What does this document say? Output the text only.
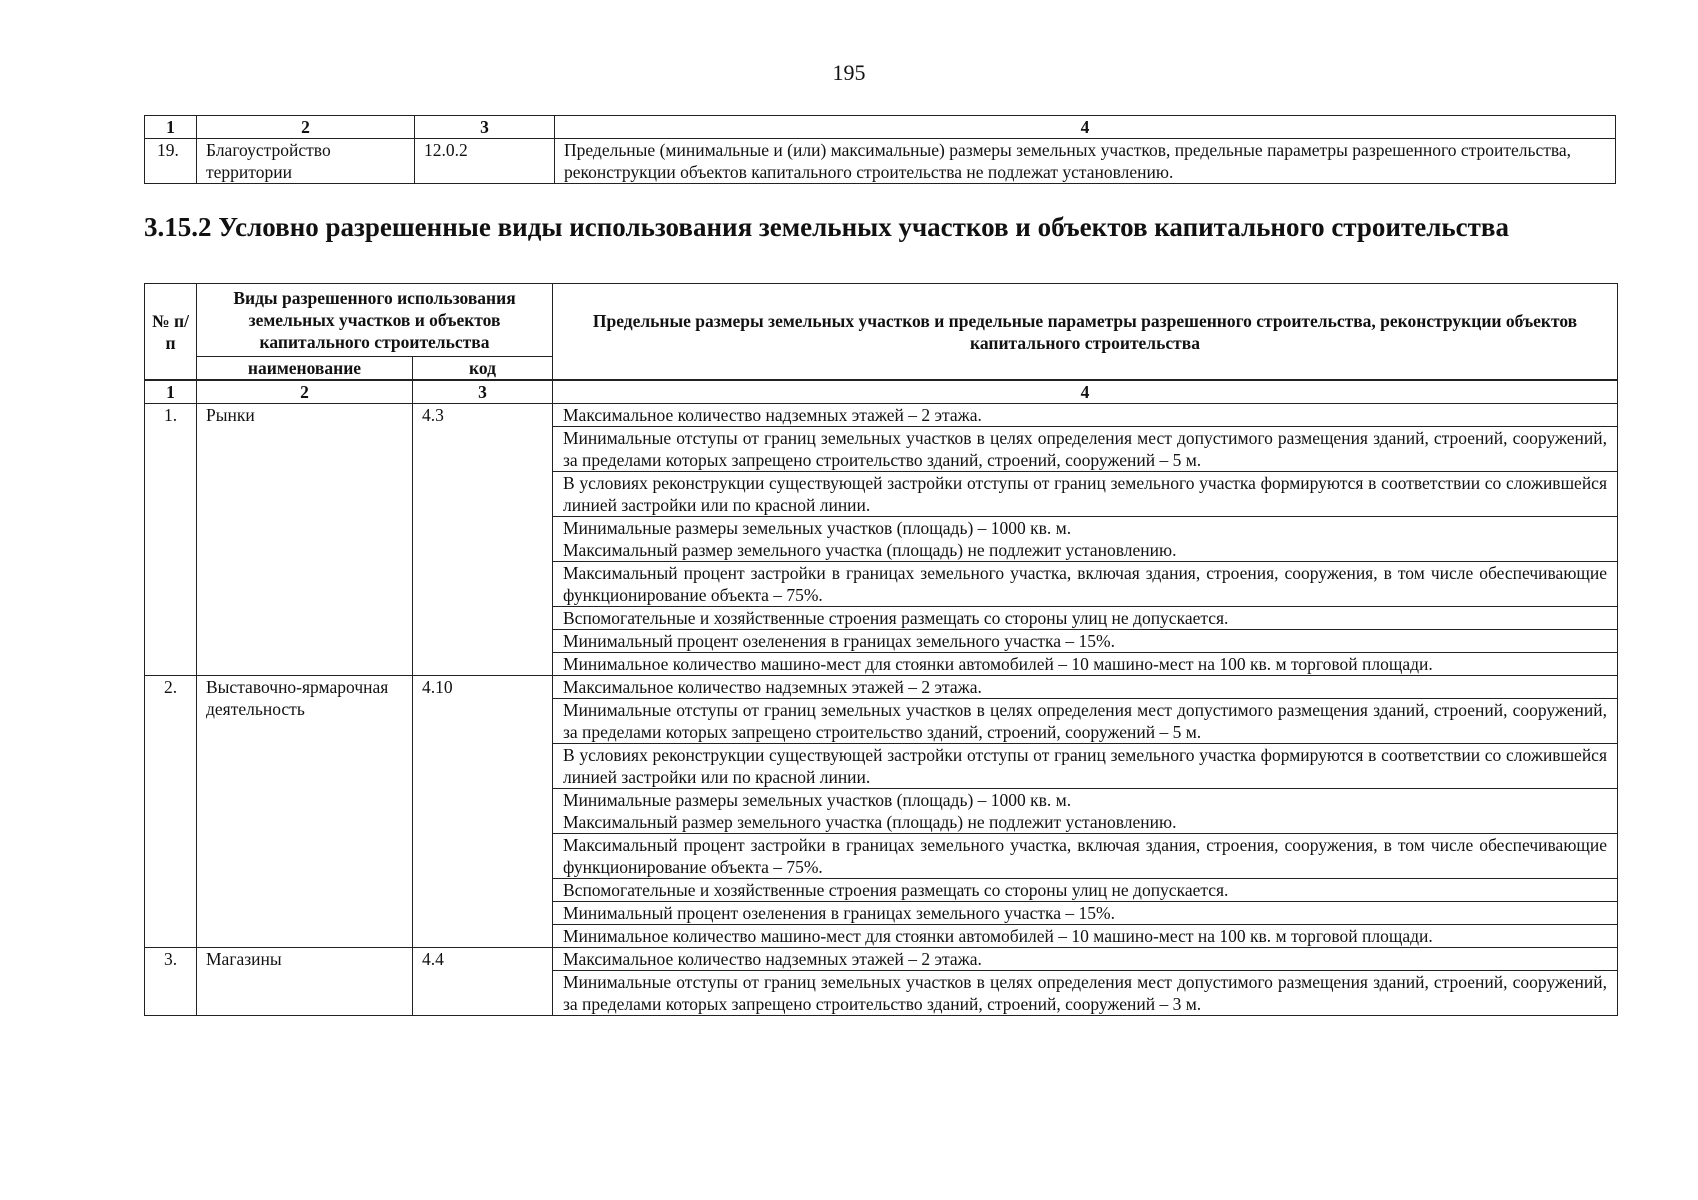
195
1	2	3	4
19.	Благоустройство территории	12.0.2	Предельные (минимальные и (или) максимальные) размеры земельных участков, предельные параметры разрешенного строительства, реконструкции объектов капитального строительства не подлежат установлению.
3.15.2 Условно разрешенные виды использования земельных участков и объектов капитального строительства
№ п/п	Виды разрешенного использования земельных участков и объектов капитального строительства		Предельные размеры земельных участков и предельные параметры разрешенного строительства, реконструкции объектов капитального строительства
	наименование	код	
1	2	3	4
1.	Рынки	4.3	Максимальное количество надземных этажей – 2 этажа.
			Минимальные отступы от границ земельных участков в целях определения мест допустимого размещения зданий, строений, сооружений, за пределами которых запрещено строительство зданий, строений, сооружений – 5 м.
			В условиях реконструкции существующей застройки отступы от границ земельного участка формируются в соответствии со сложившейся линией застройки или по красной линии.

			Минимальные размеры земельных участков (площадь) – 1000 кв. м.
Максимальный размер земельного участка (площадь) не подлежит установлению.

			Максимальный процент застройки в границах земельного участка, включая здания, строения, сооружения, в том числе обеспечивающие функционирование объекта – 75%.
			Вспомогательные и хозяйственные строения размещать со стороны улиц не допускается.
			Минимальный процент озеленения в границах земельного участка – 15%.
			Минимальное количество машино-мест для стоянки автомобилей – 10 машино-мест на 100 кв. м торговой площади.
2.	Выставочно-ярмарочная деятельность	4.10	Максимальное количество надземных этажей – 2 этажа.
			Минимальные отступы от границ земельных участков в целях определения мест допустимого размещения зданий, строений, сооружений, за пределами которых запрещено строительство зданий, строений, сооружений – 5 м.
			В условиях реконструкции существующей застройки отступы от границ земельного участка формируются в соответствии со сложившейся линией застройки или по красной линии.

			Минимальные размеры земельных участков (площадь) – 1000 кв. м.
Максимальный размер земельного участка (площадь) не подлежит установлению.

			Максимальный процент застройки в границах земельного участка, включая здания, строения, сооружения, в том числе обеспечивающие функционирование объекта – 75%.
			Вспомогательные и хозяйственные строения размещать со стороны улиц не допускается.
			Минимальный процент озеленения в границах земельного участка – 15%.
			Минимальное количество машино-мест для стоянки автомобилей – 10 машино-мест на 100 кв. м торговой площади.
3.	Магазины	4.4	Максимальное количество надземных этажей – 2 этажа.
			Минимальные отступы от границ земельных участков в целях определения мест допустимого размещения зданий, строений, сооружений, за пределами которых запрещено строительство зданий, строений, сооружений – 3 м.
